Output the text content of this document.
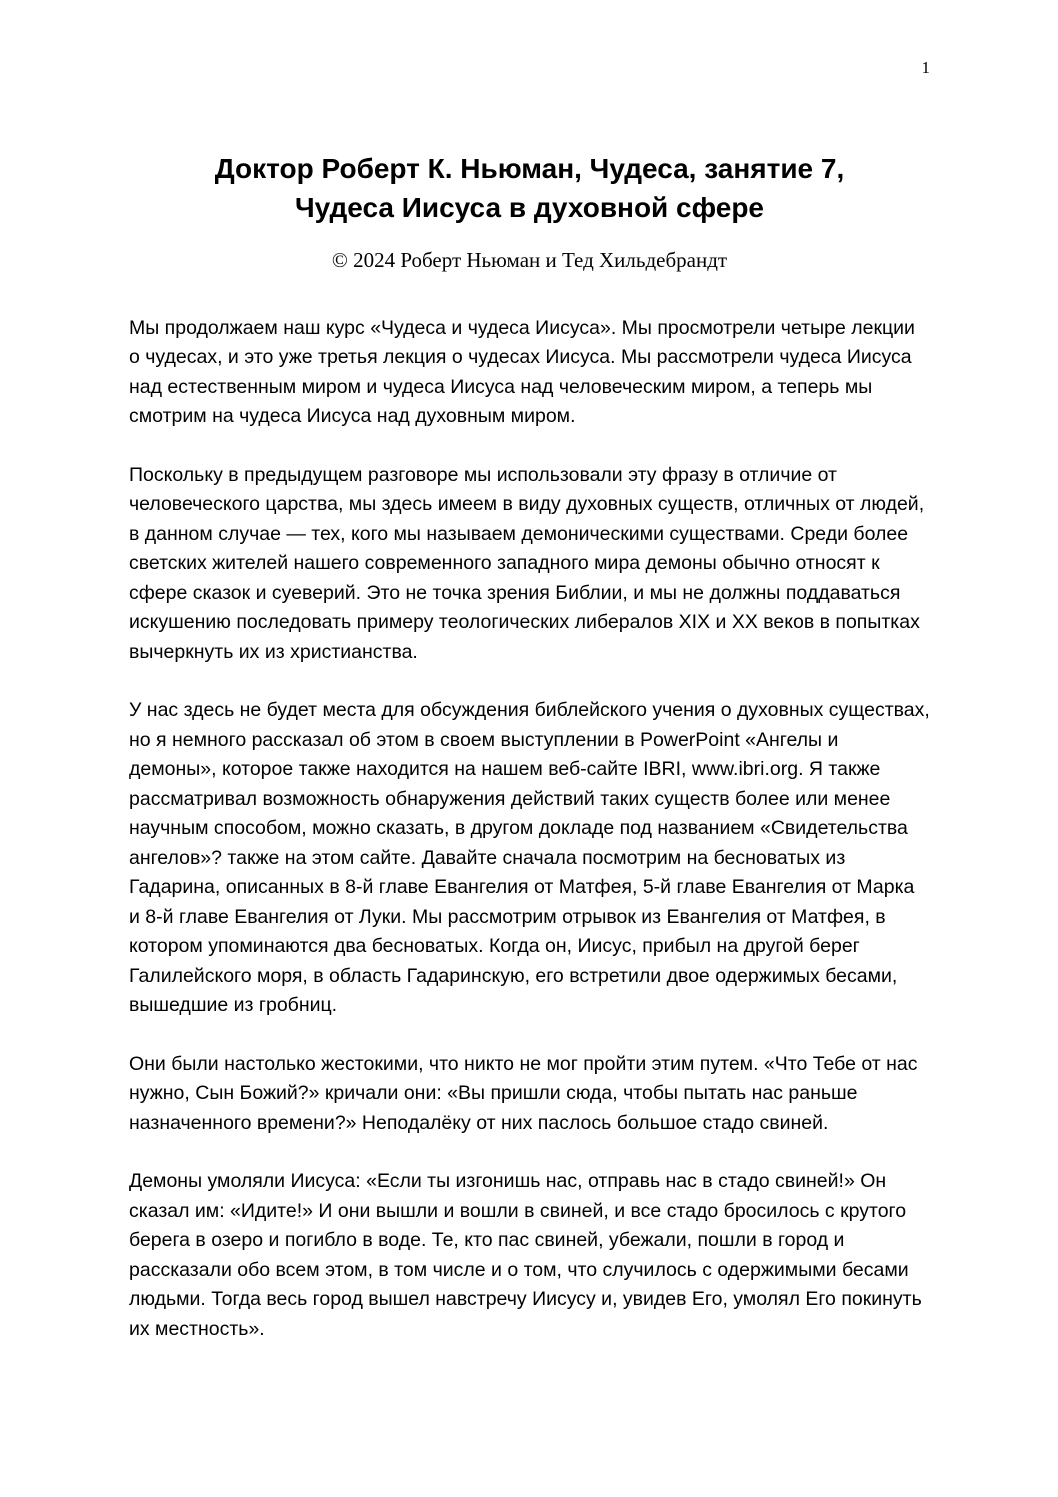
1
Доктор Роберт К. Ньюман, Чудеса, занятие 7,
Чудеса Иисуса в духовной сфере
© 2024 Роберт Ньюман и Тед Хильдебрандт

Мы продолжаем наш курс «Чудеса и чудеса Иисуса». Мы просмотрели четыре лекции о чудесах, и это уже третья лекция о чудесах Иисуса. Мы рассмотрели чудеса Иисуса над естественным миром и чудеса Иисуса над человеческим миром, а теперь мы смотрим на чудеса Иисуса над духовным миром.

Поскольку в предыдущем разговоре мы использовали эту фразу в отличие от человеческого царства, мы здесь имеем в виду духовных существ, отличных от людей, в данном случае — тех, кого мы называем демоническими существами. Среди более светских жителей нашего современного западного мира демоны обычно относят к сфере сказок и суеверий. Это не точка зрения Библии, и мы не должны поддаваться искушению последовать примеру теологических либералов XIX и XX веков в попытках вычеркнуть их из христианства.

У нас здесь не будет места для обсуждения библейского учения о духовных существах, но я немного рассказал об этом в своем выступлении в PowerPoint «Ангелы и демоны», которое также находится на нашем веб-сайте IBRI, www.ibri.org. Я также рассматривал возможность обнаружения действий таких существ более или менее научным способом, можно сказать, в другом докладе под названием «Свидетельства ангелов»? также на этом сайте. Давайте сначала посмотрим на бесноватых из Гадарина, описанных в 8-й главе Евангелия от Матфея, 5-й главе Евангелия от Марка и 8-й главе Евангелия от Луки. Мы рассмотрим отрывок из Евангелия от Матфея, в котором упоминаются два бесноватых. Когда он, Иисус, прибыл на другой берег Галилейского моря, в область Гадаринскую, его встретили двое одержимых бесами, вышедшие из гробниц.

Они были настолько жестокими, что никто не мог пройти этим путем. «Что Тебе от нас нужно, Сын Божий?» кричали они: «Вы пришли сюда, чтобы пытать нас раньше назначенного времени?» Неподалёку от них паслось большое стадо свиней.

Демоны умоляли Иисуса: «Если ты изгонишь нас, отправь нас в стадо свиней!» Он сказал им: «Идите!» И они вышли и вошли в свиней, и все стадо бросилось с крутого берега в озеро и погибло в воде. Те, кто пас свиней, убежали, пошли в город и рассказали обо всем этом, в том числе и о том, что случилось с одержимыми бесами людьми. Тогда весь город вышел навстречу Иисусу и, увидев Его, умолял Его покинуть их местность».
